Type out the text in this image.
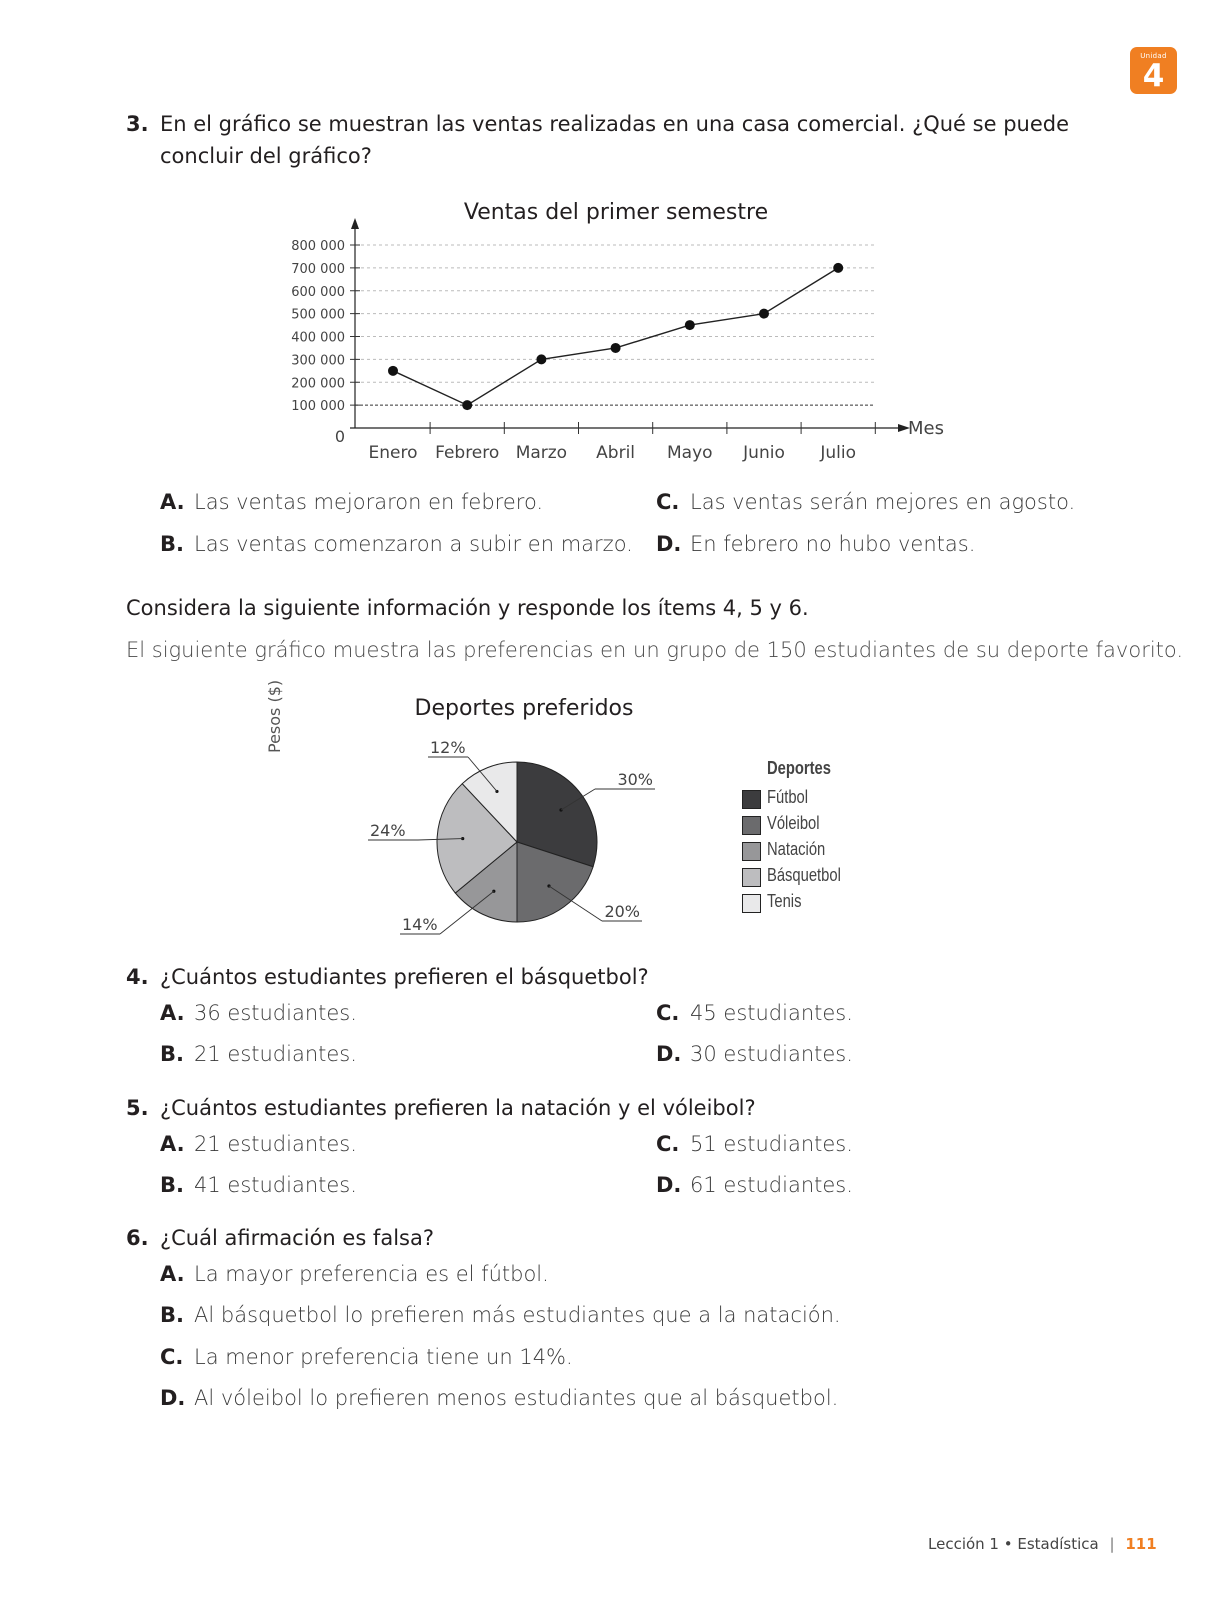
Unidad
4
3. En el gráfico se muestran las ventas realizadas en una casa comercial. ¿Qué se puede
concluir del gráfico?
Ventas del primer semestre
0
100 000
200 000
300 000
400 000
500 000
600 000
700 000
800 000
Enero Febrero Marzo Abril Mayo Junio Julio
Pesos ($)
Mes
A. Las ventas mejoraron en febrero.
B. Las ventas comenzaron a subir en marzo.
C. Las ventas serán mejores en agosto.
D. En febrero no hubo ventas.
Considera la siguiente información y responde los ítems 4, 5 y 6.
El siguiente gráfico muestra las preferencias en un grupo de 150 estudiantes de su deporte favorito.
Deportes preferidos
30%
20%
14%
24%
12%
Deportes
Fútbol
Vóleibol
Natación
Básquetbol
Tenis
4. ¿Cuántos estudiantes prefieren el básquetbol?
A. 36 estudiantes.
B. 21 estudiantes.
C. 45 estudiantes.
D. 30 estudiantes.
5. ¿Cuántos estudiantes prefieren la natación y el vóleibol?
A. 21 estudiantes.
B. 41 estudiantes.
C. 51 estudiantes.
D. 61 estudiantes.
6. ¿Cuál afirmación es falsa?
A. La mayor preferencia es el fútbol.
B. Al básquetbol lo prefieren más estudiantes que a la natación.
C. La menor preferencia tiene un 14%.
D. Al vóleibol lo prefieren menos estudiantes que al básquetbol.
Lección 1 • Estadística | 111
